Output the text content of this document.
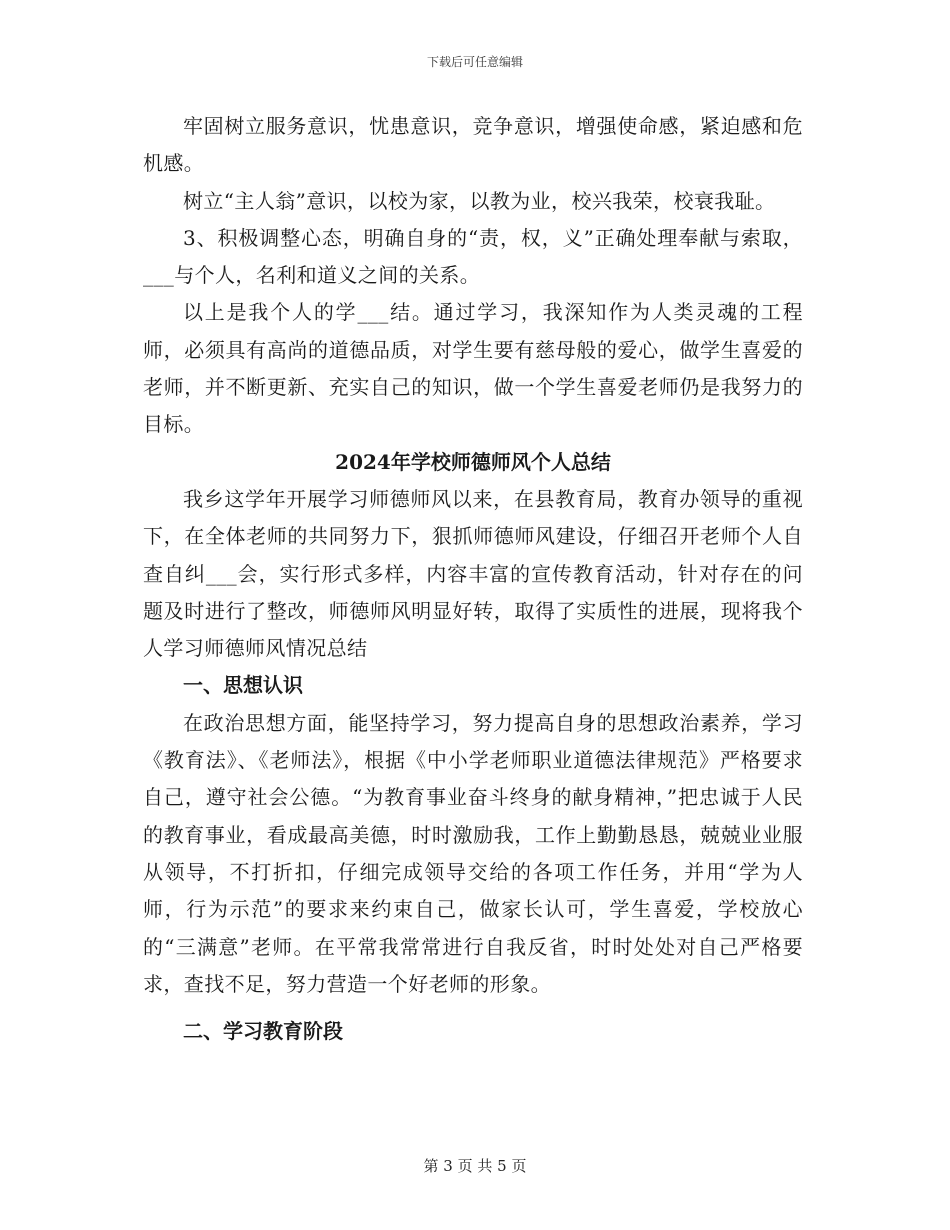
下载后可任意编辑

牢固树立服务意识，忧患意识，竞争意识，增强使命感，紧迫感和危机感。

树立“主人翁”意识，以校为家，以教为业，校兴我荣，校衰我耻。

3、积极调整心态，明确自身的“责，权，义”正确处理奉献与索取，___与个人，名利和道义之间的关系。

以上是我个人的学___结。通过学习，我深知作为人类灵魂的工程师，必须具有高尚的道德品质，对学生要有慈母般的爱心，做学生喜爱的老师，并不断更新、充实自己的知识，做一个学生喜爱老师仍是我努力的目标。

2024年学校师德师风个人总结

我乡这学年开展学习师德师风以来，在县教育局，教育办领导的重视下，在全体老师的共同努力下，狠抓师德师风建设，仔细召开老师个人自查自纠___会，实行形式多样，内容丰富的宣传教育活动，针对存在的问题及时进行了整改，师德师风明显好转，取得了实质性的进展，现将我个人学习师德师风情况总结

一、思想认识

在政治思想方面，能坚持学习，努力提高自身的思想政治素养，学习《教育法》、《老师法》，根据《中小学老师职业道德法律规范》严格要求自己，遵守社会公德。“为教育事业奋斗终身的献身精神，”把忠诚于人民的教育事业，看成最高美德，时时激励我，工作上勤勤恳恳，兢兢业业服从领导，不打折扣，仔细完成领导交给的各项工作任务，并用“学为人师，行为示范”的要求来约束自己，做家长认可，学生喜爱，学校放心的“三满意”老师。在平常我常常进行自我反省，时时处处对自己严格要求，查找不足，努力营造一个好老师的形象。

二、学习教育阶段

第 3 页 共 5 页
